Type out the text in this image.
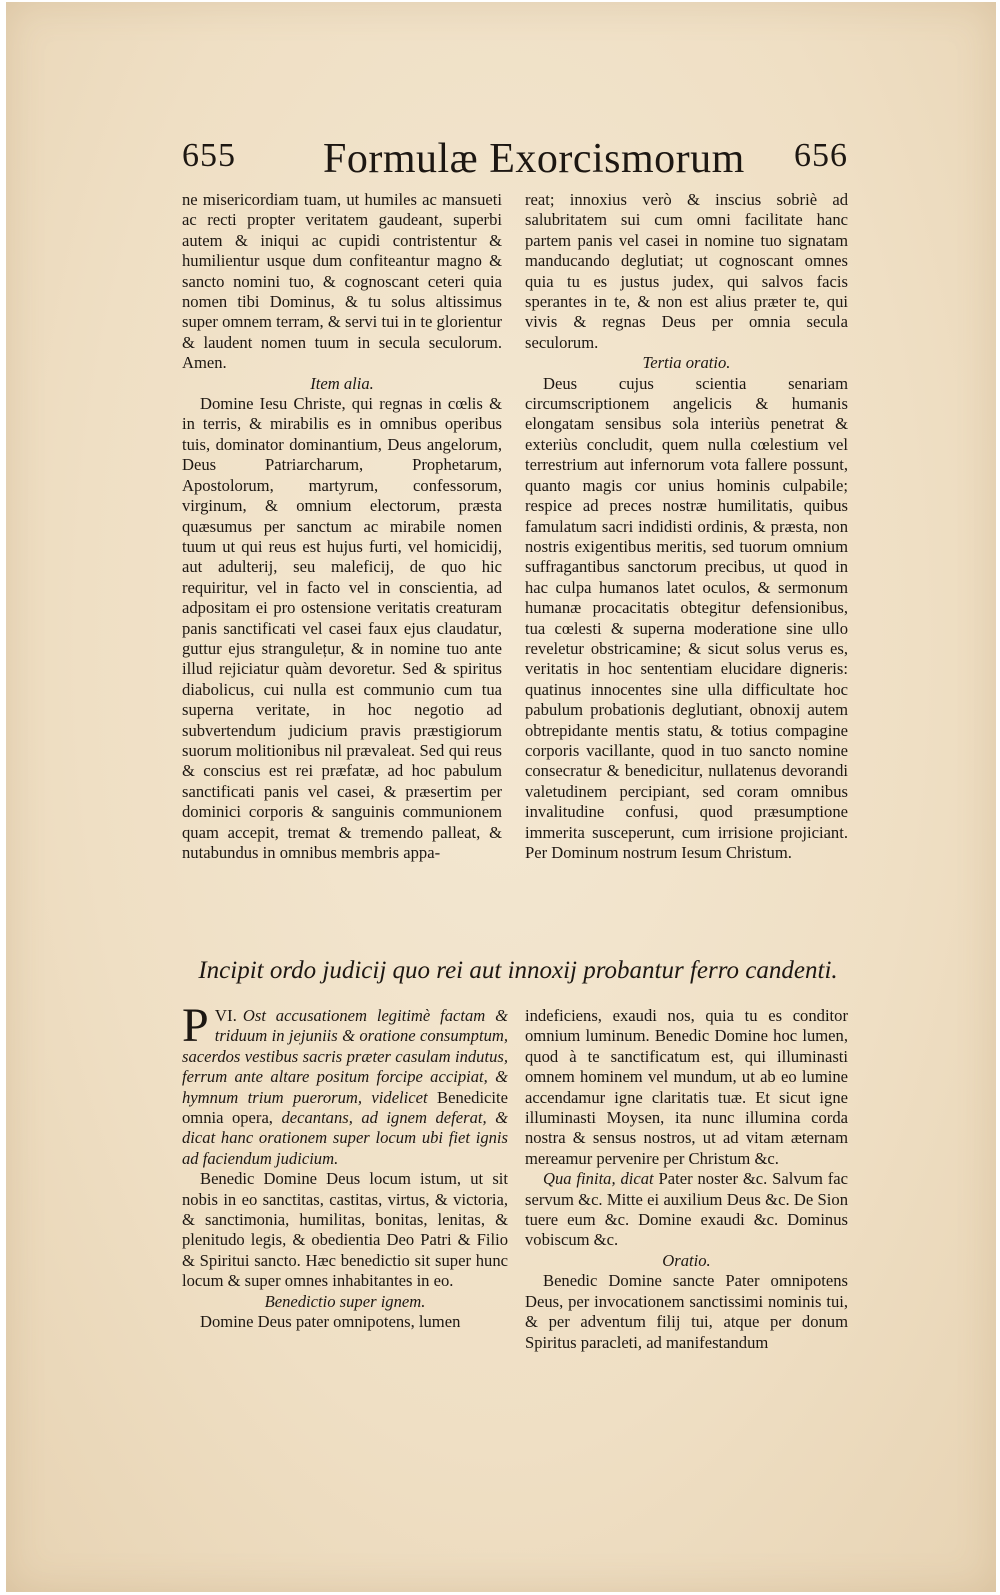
655 Formulæ Exorcismorum 656

ne misericordiam tuam, ut humiles ac mansueti ac recti propter veritatem gaudeant, superbi autem & iniqui ac cupidi contristentur & humilientur usque dum confiteantur magno & sancto nomini tuo, & cognoscant ceteri quia nomen tibi Dominus, & tu solus altissimus super omnem terram, & servi tui in te glorientur & laudent nomen tuum in secula seculorum. Amen.

Item alia.

Domine Iesu Christe, qui regnas in cœlis & in terris, & mirabilis es in omnibus operibus tuis, dominator dominantium, Deus angelorum, Deus Patriarcharum, Prophetarum, Apostolorum, martyrum, confessorum, virginum, & omnium electorum, præsta quæsumus per sanctum ac mirabile nomen tuum ut qui reus est hujus furti, vel homicidij, aut adulterij, seu maleficij, de quo hic requiritur, vel in facto vel in conscientia, ad adpositam ei pro ostensione veritatis creaturam panis sanctificati vel casei faux ejus claudatur, guttur ejus strangulețur, & in nomine tuo ante illud rejiciatur quàm devoretur. Sed & spiritus diabolicus, cui nulla est communio cum tua superna veritate, in hoc negotio ad subvertendum judicium pravis præstigiorum suorum molitionibus nil prævaleat. Sed qui reus & conscius est rei præfatæ, ad hoc pabulum sanctificati panis vel casei, & præsertim per dominici corporis & sanguinis communionem quam accepit, tremat & tremendo palleat, & nutabundus in omnibus membris appa-

reat; innoxius verò & inscius sobriè ad salubritatem sui cum omni facilitate hanc partem panis vel casei in nomine tuo signatam manducando deglutiat; ut cognoscant omnes quia tu es justus judex, qui salvos facis sperantes in te, & non est alius præter te, qui vivis & regnas Deus per omnia secula seculorum.

Tertia oratio.

Deus cujus scientia senariam circumscriptionem angelicis & humanis elongatam sensibus sola interiùs penetrat & exteriùs concludit, quem nulla cœlestium vel terrestrium aut infernorum vota fallere possunt, quanto magis cor unius hominis culpabile; respice ad preces nostræ humilitatis, quibus famulatum sacri indidisti ordinis, & præsta, non nostris exigentibus meritis, sed tuorum omnium suffragantibus sanctorum precibus, ut quod in hac culpa humanos latet oculos, & sermonum humanæ procacitatis obtegitur defensionibus, tua cœlesti & superna moderatione sine ullo reveletur obstricamine; & sicut solus verus es, veritatis in hoc sententiam elucidare digneris: quatinus innocentes sine ulla difficultate hoc pabulum probationis deglutiant, obnoxij autem obtrepidante mentis statu, & totius compagine corporis vacillante, quod in tuo sancto nomine consecratur & benedicitur, nullatenus devorandi valetudinem percipiant, sed coram omnibus invalitudine confusi, quod præsumptione immerita susceperunt, cum irrisione projiciant. Per Dominum nostrum Iesum Christum.

Incipit ordo judicij quo rei aut innoxij probantur ferro candenti.

VI.
P Ost accusationem legitimè factam & triduum in jejuniis & oratione consumptum, sacerdos vestibus sacris præter casulam indutus, ferrum ante altare positum forcipe accipiat, & hymnum trium puerorum, videlicet Benedicite omnia opera, decantans, ad ignem deferat, & dicat hanc orationem super locum ubi fiet ignis ad faciendum judicium.

Benedic Domine Deus locum istum, ut sit nobis in eo sanctitas, castitas, virtus, & victoria, & sanctimonia, humilitas, bonitas, lenitas, & plenitudo legis, & obedientia Deo Patri & Filio & Spiritui sancto. Hæc benedictio sit super hunc locum & super omnes inhabitantes in eo.

Benedictio super ignem.

Domine Deus pater omnipotens, lumen

indeficiens, exaudi nos, quia tu es conditor omnium luminum. Benedic Domine hoc lumen, quod à te sanctificatum est, qui illuminasti omnem hominem vel mundum, ut ab eo lumine accendamur igne claritatis tuæ. Et sicut igne illuminasti Moysen, ita nunc illumina corda nostra & sensus nostros, ut ad vitam æternam mereamur pervenire per Christum &c.

Qua finita, dicat Pater noster &c. Salvum fac servum &c. Mitte ei auxilium Deus &c. De Sion tuere eum &c. Domine exaudi &c. Dominus vobiscum &c.

Oratio.

Benedic Domine sancte Pater omnipotens Deus, per invocationem sanctissimi nominis tui, & per adventum filij tui, atque per donum Spiritus paracleti, ad manifestandum
